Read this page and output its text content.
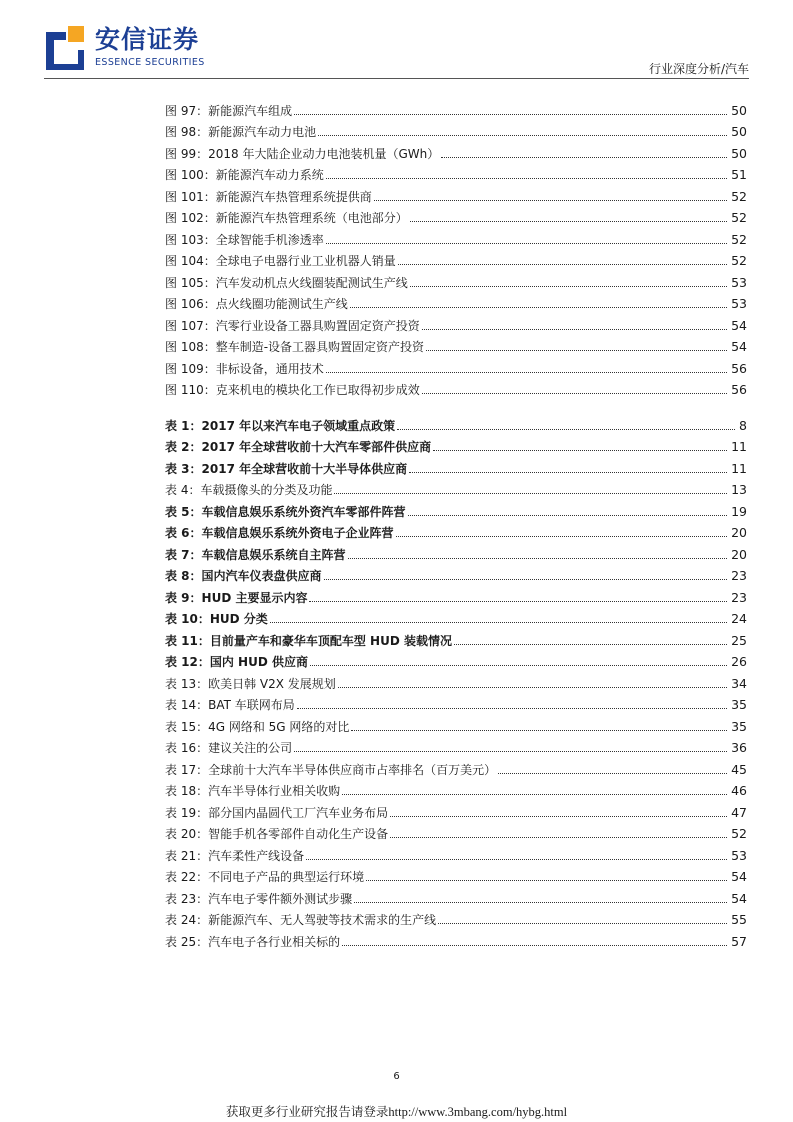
安信证券
ESSENCE SECURITIES	行业深度分析/汽车
图 97：新能源汽车组成	50
图 98：新能源汽车动力电池	50
图 99：2018 年大陆企业动力电池装机量（GWh）	50
图 100：新能源汽车动力系统	51
图 101：新能源汽车热管理系统提供商	52
图 102：新能源汽车热管理系统（电池部分）	52
图 103：全球智能手机渗透率	52
图 104：全球电子电器行业工业机器人销量	52
图 105：汽车发动机点火线圈装配测试生产线	53
图 106：点火线圈功能测试生产线	53
图 107：汽零行业设备工器具购置固定资产投资	54
图 108：整车制造-设备工器具购置固定资产投资	54
图 109：非标设备，通用技术	56
图 110：克来机电的模块化工作已取得初步成效	56
表 1：2017 年以来汽车电子领域重点政策	8
表 2：2017 年全球营收前十大汽车零部件供应商	11
表 3：2017 年全球营收前十大半导体供应商	11
表 4：车载摄像头的分类及功能	13
表 5：车载信息娱乐系统外资汽车零部件阵营	19
表 6：车载信息娱乐系统外资电子企业阵营	20
表 7：车载信息娱乐系统自主阵营	20
表 8：国内汽车仪表盘供应商	23
表 9：HUD 主要显示内容	23
表 10：HUD 分类	24
表 11：目前量产车和豪华车顶配车型 HUD 装载情况	25
表 12：国内 HUD 供应商	26
表 13：欧美日韩 V2X 发展规划	34
表 14：BAT 车联网布局	35
表 15：4G 网络和 5G 网络的对比	35
表 16：建议关注的公司	36
表 17：全球前十大汽车半导体供应商市占率排名（百万美元）	45
表 18：汽车半导体行业相关收购	46
表 19：部分国内晶圆代工厂汽车业务布局	47
表 20：智能手机各零部件自动化生产设备	52
表 21：汽车柔性产线设备	53
表 22：不同电子产品的典型运行环境	54
表 23：汽车电子零件额外测试步骤	54
表 24：新能源汽车、无人驾驶等技术需求的生产线	55
表 25：汽车电子各行业相关标的	57
6
获取更多行业研究报告请登录http://www.3mbang.com/hybg.html
